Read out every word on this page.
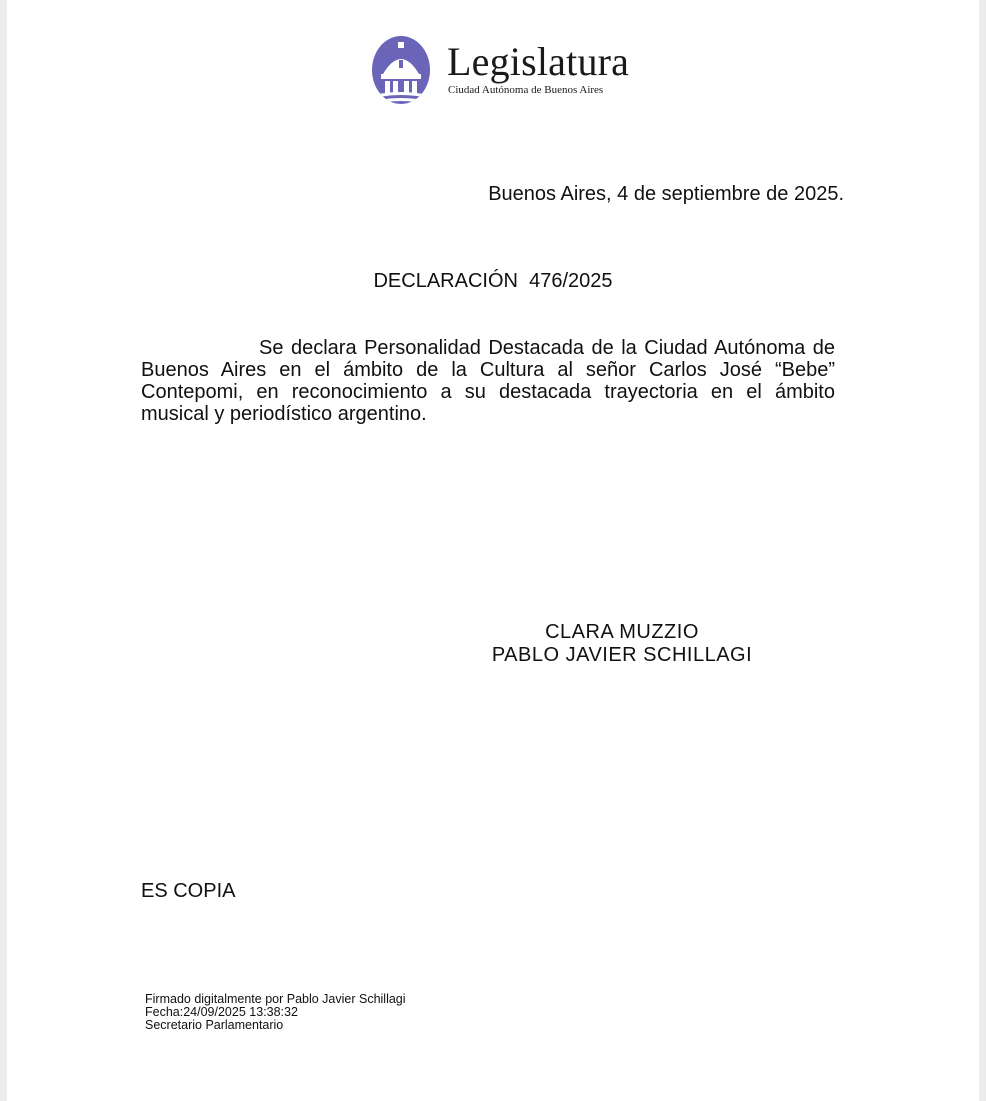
Legislatura
Ciudad Autónoma de Buenos Aires
Buenos Aires, 4 de septiembre de 2025.
DECLARACIÓN 476/2025
Se declara Personalidad Destacada de la Ciudad Autónoma de Buenos Aires en el ámbito de la Cultura al señor Carlos José “Bebe” Contepomi, en reconocimiento a su destacada trayectoria en el ámbito musical y periodístico argentino.
CLARA MUZZIO
PABLO JAVIER SCHILLAGI
ES COPIA
Firmado digitalmente por Pablo Javier Schillagi
Fecha:24/09/2025 13:38:32
Secretario Parlamentario
